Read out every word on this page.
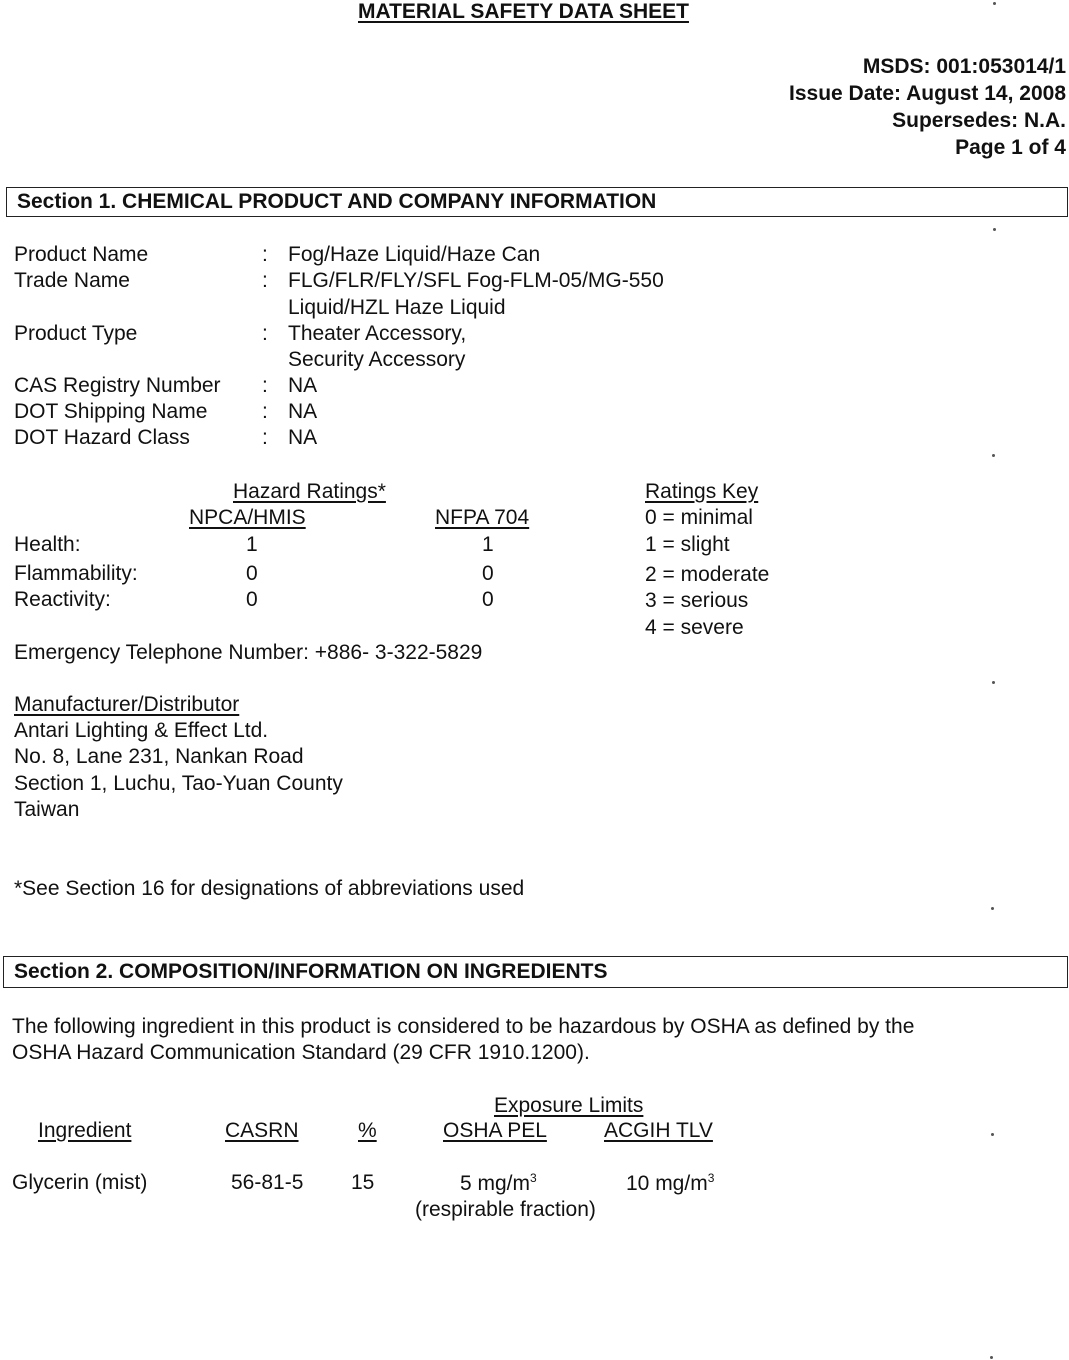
MATERIAL SAFETY DATA SHEET
MSDS: 001:053014/1
Issue Date: August 14, 2008
Supersedes: N.A.
Page 1 of 4
Section 1. CHEMICAL PRODUCT AND COMPANY INFORMATION
Product Name	: Fog/Haze Liquid/Haze Can
Trade Name	: FLG/FLR/FLY/SFL Fog-FLM-05/MG-550
Liquid/HZL Haze Liquid
Product Type	: Theater Accessory,
Security Accessory
CAS Registry Number : NA
DOT Shipping Name	: NA
DOT Hazard Class	: NA
Hazard Ratings*
NPCA/HMIS	NFPA 704
Health:	1	1
Flammability:	0	0
Reactivity:	0	0
Ratings Key
0 = minimal
1 = slight
2 = moderate
3 = serious
4 = severe
Emergency Telephone Number: +886- 3-322-5829
Manufacturer/Distributor
Antari Lighting & Effect Ltd.
No. 8, Lane 231, Nankan Road
Section 1, Luchu, Tao-Yuan County
Taiwan
*See Section 16 for designations of abbreviations used
Section 2. COMPOSITION/INFORMATION ON INGREDIENTS
The following ingredient in this product is considered to be hazardous by OSHA as defined by the
OSHA Hazard Communication Standard (29 CFR 1910.1200).
Exposure Limits
Ingredient	CASRN	%	OSHA PEL	ACGIH TLV
Glycerin (mist)	56-81-5 15	5 $mg/m^3$	10 $mg/m^3$
(respirable fraction)
